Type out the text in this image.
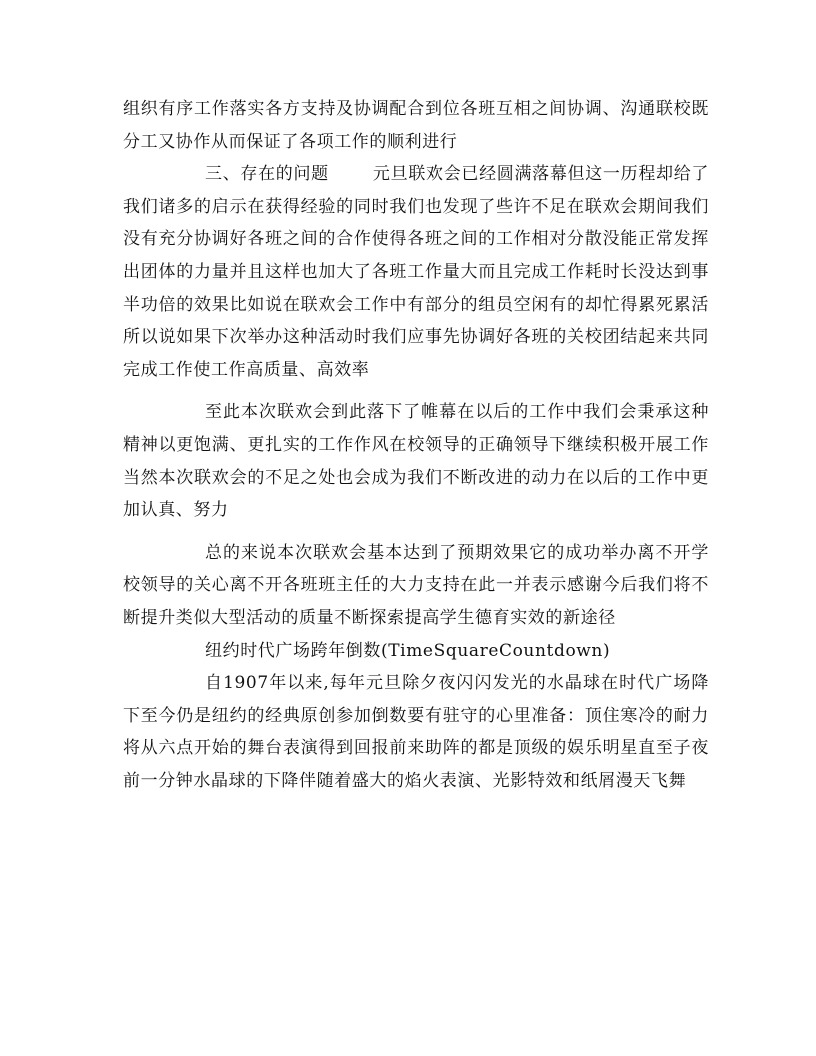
组织有序工作落实各方支持及协调配合到位各班互相之间协调、沟通联校既分工又协作从而保证了各项工作的顺利进行

三、存在的问题	元旦联欢会已经圆满落幕但这一历程却给了我们诸多的启示在获得经验的同时我们也发现了些许不足在联欢会期间我们没有充分协调好各班之间的合作使得各班之间的工作相对分散没能正常发挥出团体的力量并且这样也加大了各班工作量大而且完成工作耗时长没达到事半功倍的效果比如说在联欢会工作中有部分的组员空闲有的却忙得累死累活所以说如果下次举办这种活动时我们应事先协调好各班的关校团结起来共同完成工作使工作高质量、高效率

至此本次联欢会到此落下了帷幕在以后的工作中我们会秉承这种精神以更饱满、更扎实的工作作风在校领导的正确领导下继续积极开展工作当然本次联欢会的不足之处也会成为我们不断改进的动力在以后的工作中更加认真、努力

总的来说本次联欢会基本达到了预期效果它的成功举办离不开学校领导的关心离不开各班班主任的大力支持在此一并表示感谢今后我们将不断提升类似大型活动的质量不断探索提高学生德育实效的新途径

纽约时代广场跨年倒数(TimeSquareCountdown)

自1907年以来,每年元旦除夕夜闪闪发光的水晶球在时代广场降下至今仍是纽约的经典原创参加倒数要有驻守的心里准备：顶住寒冷的耐力将从六点开始的舞台表演得到回报前来助阵的都是顶级的娱乐明星直至子夜前一分钟水晶球的下降伴随着盛大的焰火表演、光影特效和纸屑漫天飞舞
